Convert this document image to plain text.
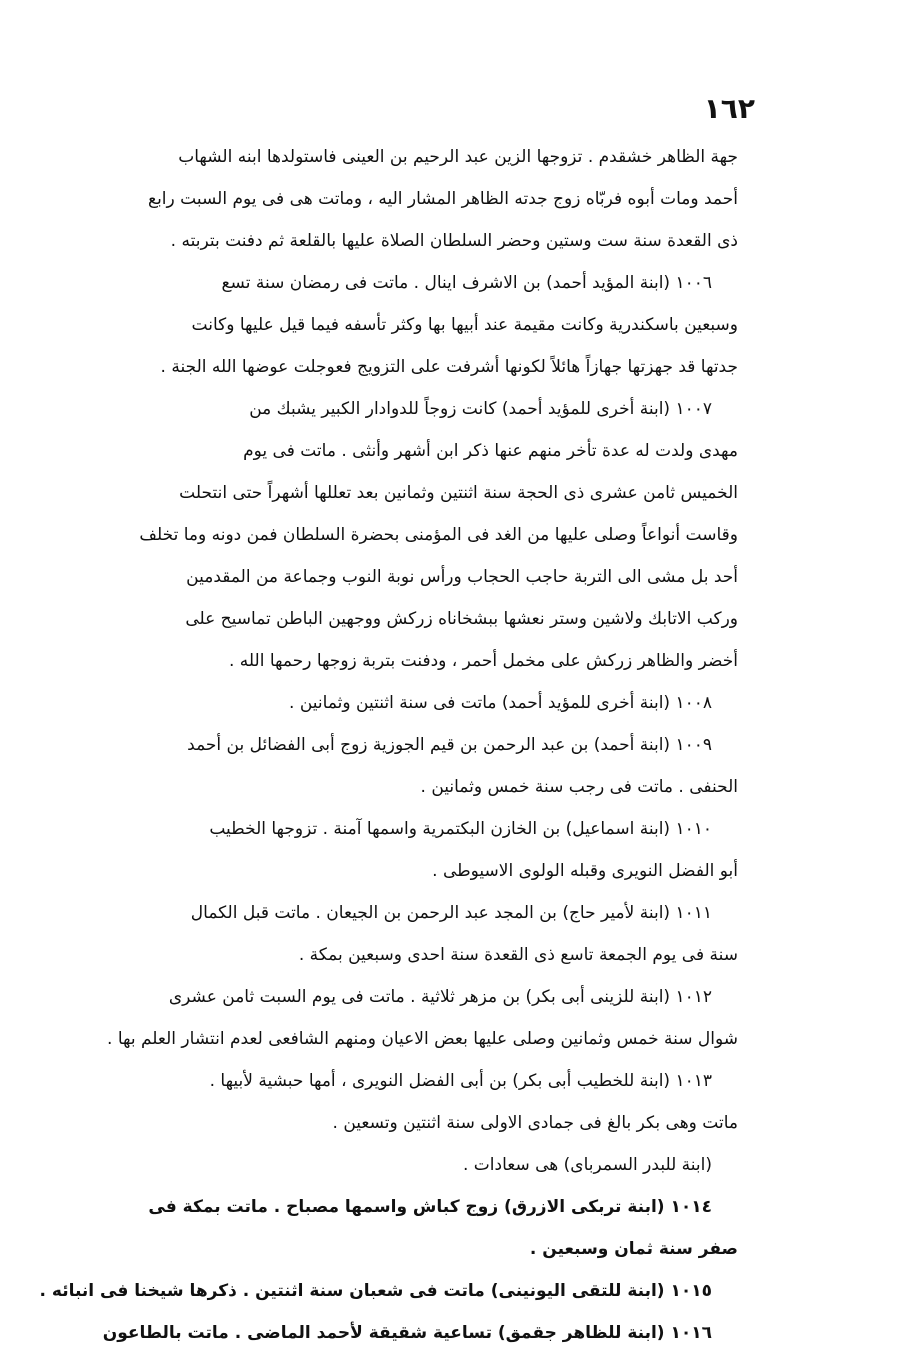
١٦٢
جهة الظاهر خشقدم . تزوجها الزين عبد الرحيم بن العينى فاستولدها ابنه الشهاب
أحمد ومات أبوه فربّاه زوج جدته الظاهر المشار اليه ، وماتت هى فى يوم السبت رابع
ذى القعدة سنة ست وستين وحضر السلطان الصلاة عليها بالقلعة ثم دفنت بتربته .
١٠٠٦ (ابنة المؤيد أحمد) بن الاشرف اينال . ماتت فى رمضان سنة تسع
وسبعين باسكندرية وكانت مقيمة عند أبيها بها وكثر تأسفه فيما قيل عليها وكانت
جدتها قد جهزتها جهازاً هائلاً لكونها أشرفت على التزويج فعوجلت عوضها الله الجنة .
١٠٠٧ (ابنة أخرى للمؤيد أحمد) كانت زوجاً للدوادار الكبير يشبك من
مهدى ولدت له عدة تأخر منهم عنها ذكر ابن أشهر وأنثى . ماتت فى يوم
الخميس ثامن عشرى ذى الحجة سنة اثنتين وثمانين بعد تعللها أشهراً حتى انتحلت
وقاست أنواعاً وصلى عليها من الغد فى المؤمنى بحضرة السلطان فمن دونه وما تخلف
أحد بل مشى الى التربة حاجب الحجاب ورأس نوبة النوب وجماعة من المقدمين
وركب الاتابك ولاشين وستر نعشها ببشخاناه زركش ووجهين الباطن تماسيح على
أخضر والظاهر زركش على مخمل أحمر ، ودفنت بتربة زوجها رحمها الله .
١٠٠٨ (ابنة أخرى للمؤيد أحمد) ماتت فى سنة اثنتين وثمانين .
١٠٠٩ (ابنة أحمد) بن عبد الرحمن بن قيم الجوزية زوج أبى الفضائل بن أحمد
الحنفى . ماتت فى رجب سنة خمس وثمانين .
١٠١٠ (ابنة اسماعيل) بن الخازن البكتمرية واسمها آمنة . تزوجها الخطيب
أبو الفضل النويرى وقبله الولوى الاسيوطى .
١٠١١ (ابنة لأمير حاج) بن المجد عبد الرحمن بن الجيعان . ماتت قبل الكمال
سنة فى يوم الجمعة تاسع ذى القعدة سنة احدى وسبعين بمكة .
١٠١٢ (ابنة للزينى أبى بكر) بن مزهر ثلاثية . ماتت فى يوم السبت ثامن عشرى
شوال سنة خمس وثمانين وصلى عليها بعض الاعيان ومنهم الشافعى لعدم انتشار العلم بها .
١٠١٣ (ابنة للخطيب أبى بكر) بن أبى الفضل النويرى ، أمها حبشية لأبيها .
ماتت وهى بكر بالغ فى جمادى الاولى سنة اثنتين وتسعين .
(ابنة للبدر السمرباى) هى سعادات .
١٠١٤ (ابنة تربكى الازرق) زوج كباش واسمها مصباح . ماتت بمكة فى
صفر سنة ثمان وسبعين .
١٠١٥ (ابنة للتقى اليونينى) ماتت فى شعبان سنة اثنتين . ذكرها شيخنا فى انبائه .
١٠١٦ (ابنة للظاهر جقمق) تساعية شقيقة لأحمد الماضى . ماتت بالطاعون
